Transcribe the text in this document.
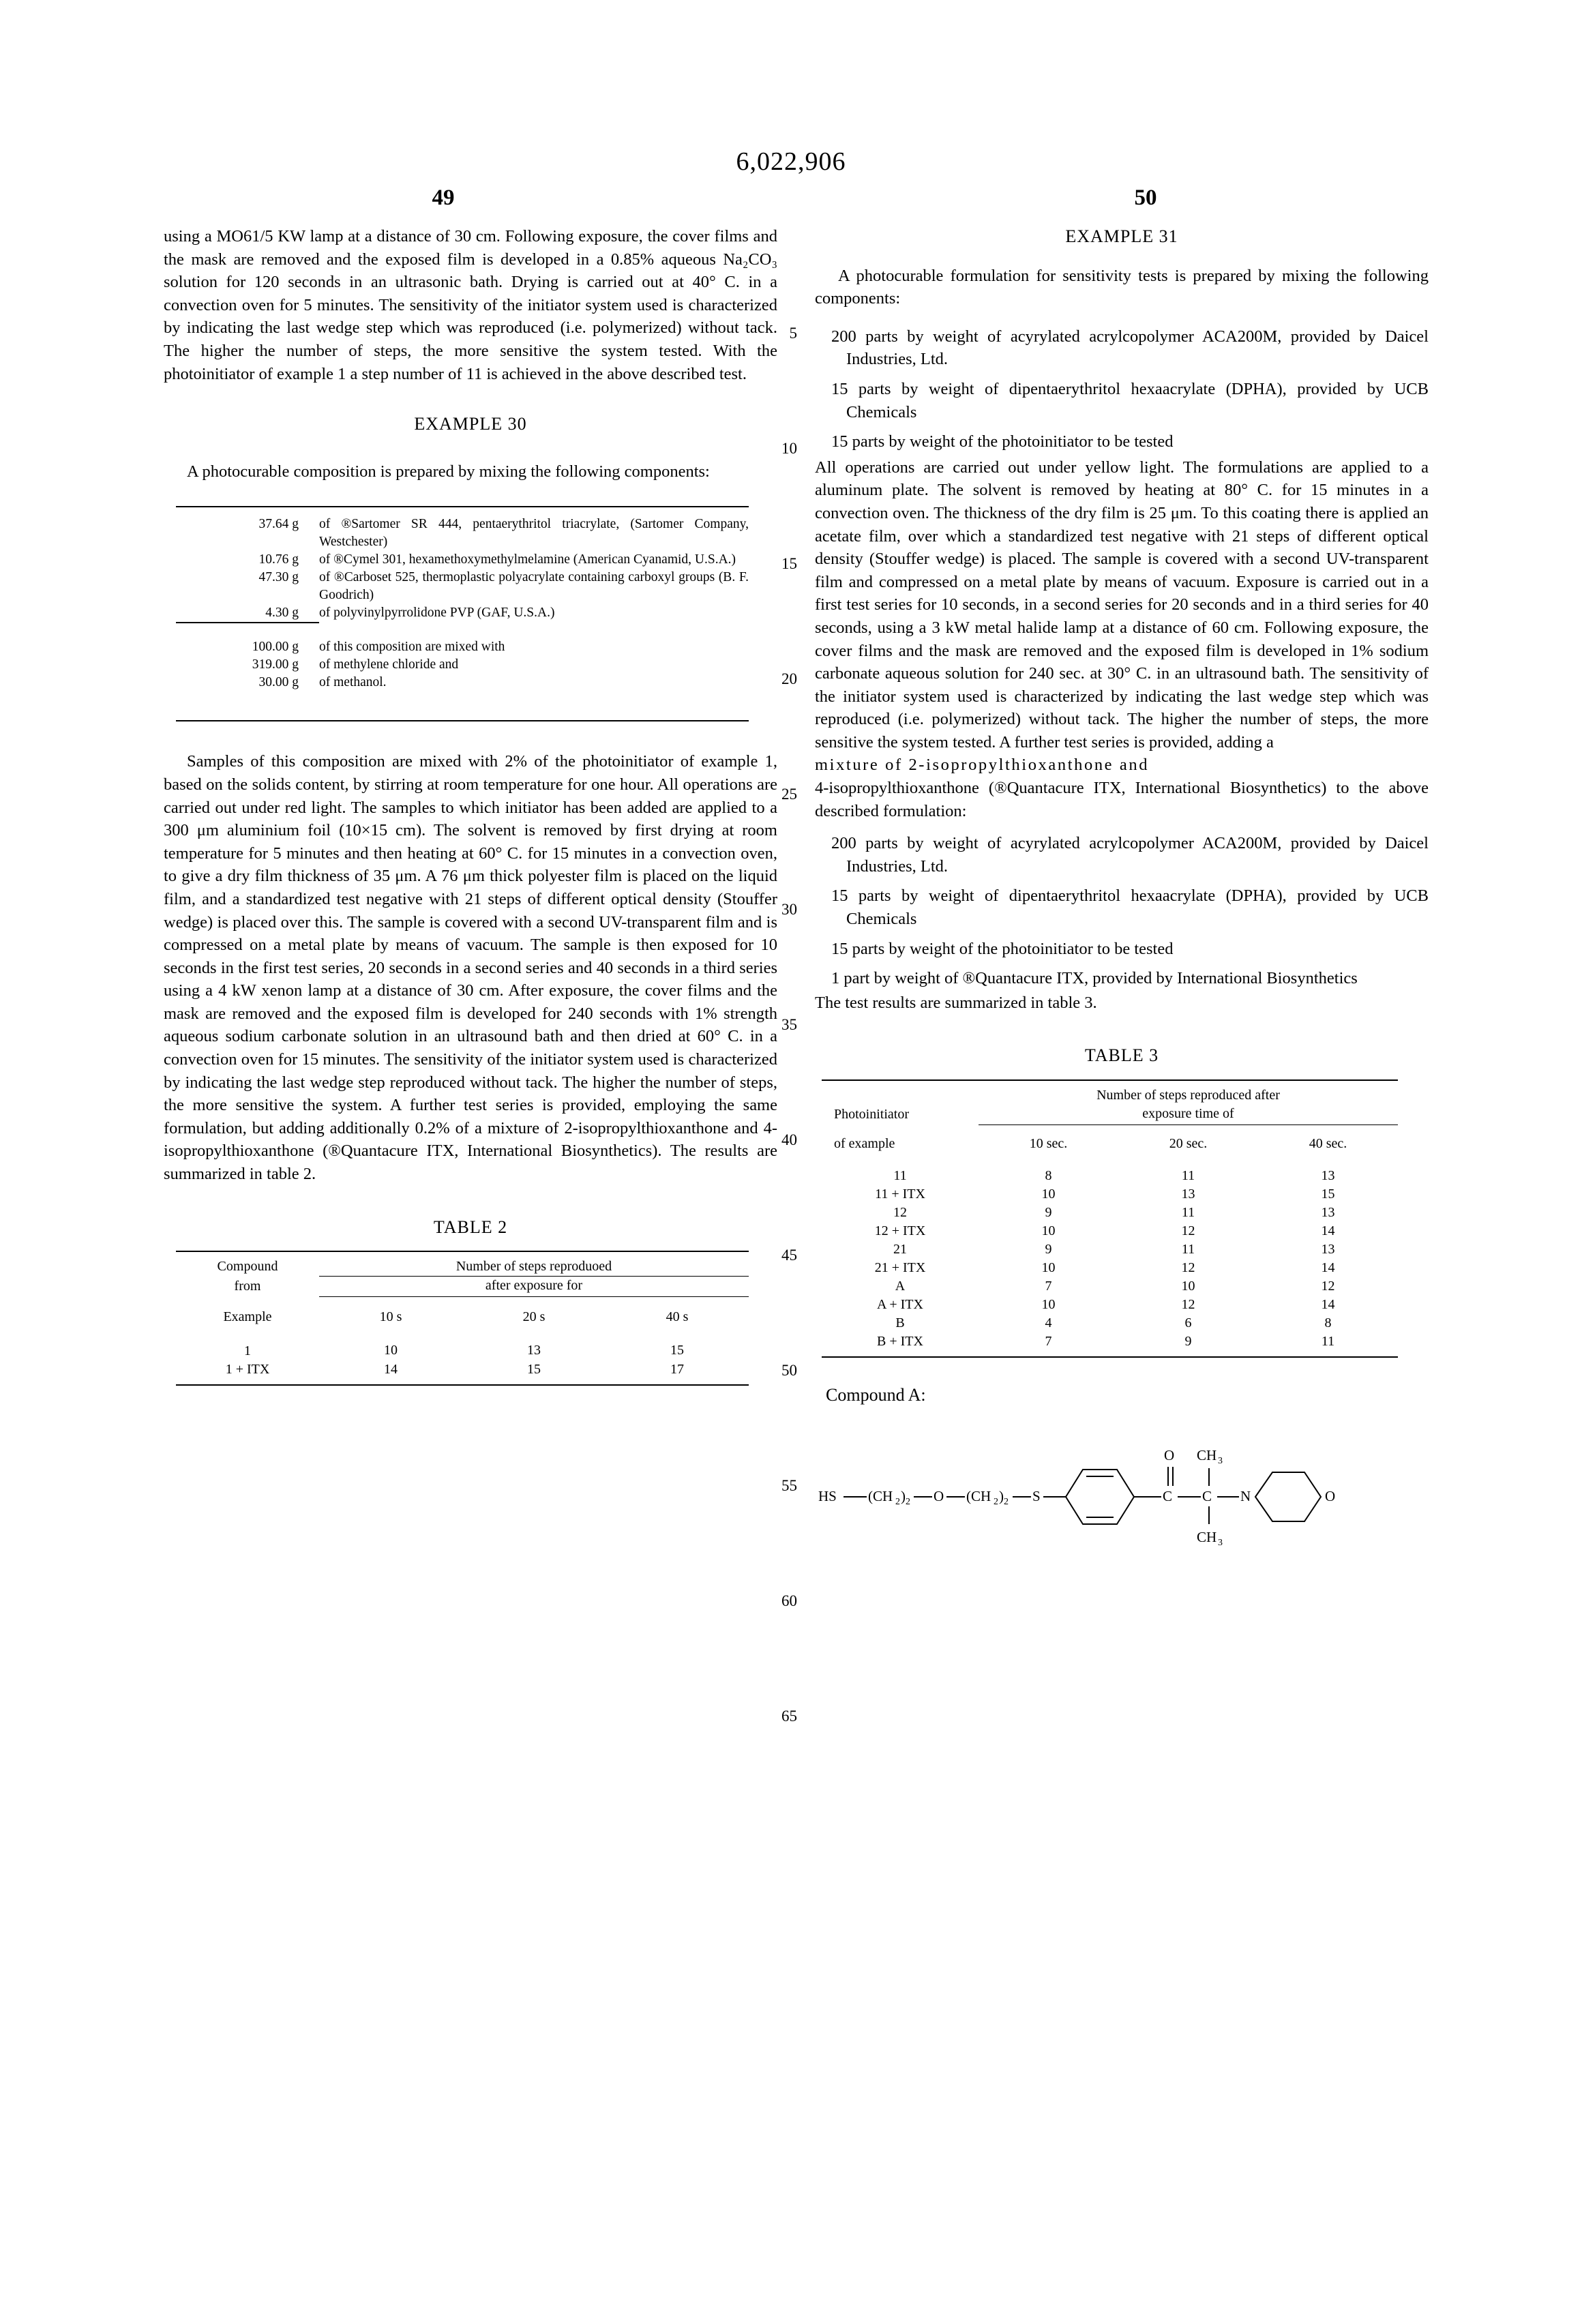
6,022,906
49	50
5
10
15
20
25
30
35
40
45
50
55
60
65

using a MO61/5 KW lamp at a distance of 30 cm. Following exposure, the cover films and the mask are removed and the exposed film is developed in a 0.85% aqueous Na₂CO₃ solution for 120 seconds in an ultrasonic bath. Drying is carried out at 40° C. in a convection oven for 5 minutes. The sensitivity of the initiator system used is characterized by indicating the last wedge step which was reproduced (i.e. polymerized) without tack. The higher the number of steps, the more sensitive the system tested. With the photoinitiator of example 1 a step number of 11 is achieved in the above described test.

EXAMPLE 30

A photocurable composition is prepared by mixing the following components:

37.64 g	of ®Sartomer SR 444, pentaerythritol triacrylate, (Sartomer Company, Westchester)
10.76 g	of ®Cymel 301, hexamethoxymethylmelamine (American Cyanamid, U.S.A.)
47.30 g	of ®Carboset 525, thermoplastic polyacrylate containing carboxyl groups (B. F. Goodrich)
4.30 g	of polyvinylpyrrolidone PVP (GAF, U.S.A.)
100.00 g	of this composition are mixed with
319.00 g	of methylene chloride and
30.00 g	of methanol.

Samples of this composition are mixed with 2% of the photoinitiator of example 1, based on the solids content, by stirring at room temperature for one hour. All operations are carried out under red light. The samples to which initiator has been added are applied to a 300 μm aluminium foil (10×15 cm). The solvent is removed by first drying at room temperature for 5 minutes and then heating at 60° C. for 15 minutes in a convection oven, to give a dry film thickness of 35 μm. A 76 μm thick polyester film is placed on the liquid film, and a standardized test negative with 21 steps of different optical density (Stouffer wedge) is placed over this. The sample is covered with a second UV-transparent film and is compressed on a metal plate by means of vacuum. The sample is then exposed for 10 seconds in the first test series, 20 seconds in a second series and 40 seconds in a third series using a 4 kW xenon lamp at a distance of 30 cm. After exposure, the cover films and the mask are removed and the exposed film is developed for 240 seconds with 1% strength aqueous sodium carbonate solution in an ultrasound bath and then dried at 60° C. in a convection oven for 15 minutes. The sensitivity of the initiator system used is characterized by indicating the last wedge step reproduced without tack. The higher the number of steps, the more sensitive the system. A further test series is provided, employing the same formulation, but adding additionally 0.2% of a mixture of 2-isopropylthioxanthone and 4-isopropylthioxanthone (®Quantacure ITX, International Biosynthetics). The results are summarized in table 2.

TABLE 2
Compound	Number of steps reproduoed		
from	after exposure for		
Example	10 s	20 s	40 s
1	10	13	15
1 + ITX	14	15	17
EXAMPLE 31

A photocurable formulation for sensitivity tests is prepared by mixing the following components:

200 parts by weight of acyrylated acrylcopolymer ACA200M, provided by Daicel Industries, Ltd.

15 parts by weight of dipentaerythritol hexaacrylate (DPHA), provided by UCB Chemicals

15 parts by weight of the photoinitiator to be tested

All operations are carried out under yellow light. The formulations are applied to a aluminum plate. The solvent is removed by heating at 80° C. for 15 minutes in a convection oven. The thickness of the dry film is 25 μm. To this coating there is applied an acetate film, over which a standardized test negative with 21 steps of different optical density (Stouffer wedge) is placed. The sample is covered with a second UV-transparent film and compressed on a metal plate by means of vacuum. Exposure is carried out in a first test series for 10 seconds, in a second series for 20 seconds and in a third series for 40 seconds, using a 3 kW metal halide lamp at a distance of 60 cm. Following exposure, the cover films and the mask are removed and the exposed film is developed in 1% sodium carbonate aqueous solution for 240 sec. at 30° C. in an ultrasound bath. The sensitivity of the initiator system used is characterized by indicating the last wedge step which was reproduced (i.e. polymerized) without tack. The higher the number of steps, the more sensitive the system tested. A further test series is provided, adding a

mixture of 2-isopropylthioxanthone and

4-isopropylthioxanthone (®Quantacure ITX, International Biosynthetics) to the above described formulation:

200 parts by weight of acyrylated acrylcopolymer ACA200M, provided by Daicel Industries, Ltd.

15 parts by weight of dipentaerythritol hexaacrylate (DPHA), provided by UCB Chemicals

15 parts by weight of the photoinitiator to be tested

1 part by weight of ®Quantacure ITX, provided by International Biosynthetics

The test results are summarized in table 3.

TABLE 3
	Number of steps reproduced after		
Photoinitiator	exposure time of		
of example	10 sec.	20 sec.	40 sec.
11	8	11	13
11 + ITX	10	13	15
12	9	11	13
12 + ITX	10	12	14
21	9	11	13
21 + ITX	10	12	14
A	7	10	12
A + ITX	10	12	14
B	4	6	8
B + ITX	7	9	11
Compound A:
HS (CH 2 ) 2 O (CH 2 ) 2 S	C
O
C
CH 3
CH 3
N	O
